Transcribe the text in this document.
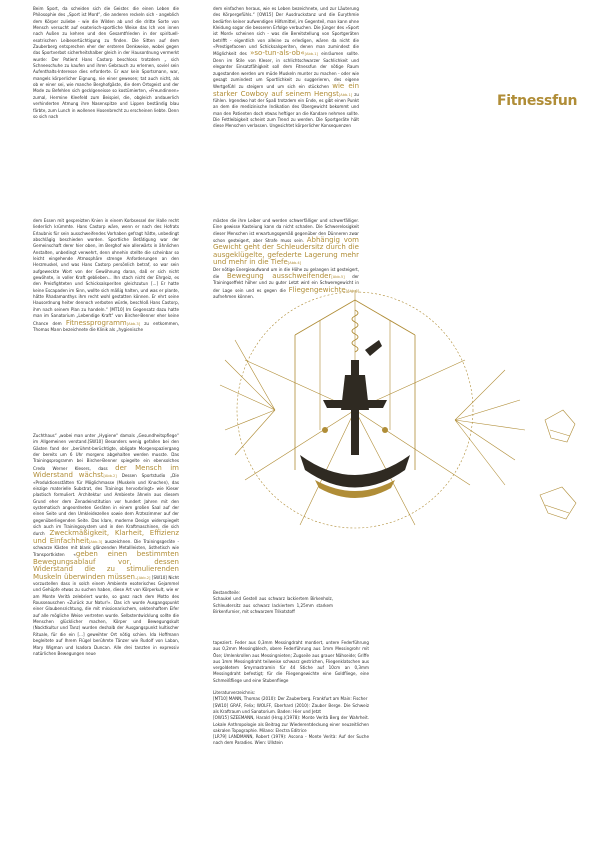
Fitnessfun

Beim Sport, da scheiden sich die Geister. die einen Leben die Philosophie des „Sport ist Mord“, die anderen reckeln sich - angeblich dem Körper zuliebe - wie die Wilden ab und die dritte Sorte von Mensch versucht auf esoterisch-sportliche Weise das Ich von innen nach Außen zu kehren und den Gesamtfrieden in der spirituell-esotrischen Leibesertüchtigung zu finden. Die Sitten auf dem Zauberberg entsprechen eher der ersteren Denkweise, wobei gegen das Sportverbot sicherheitshalber gleich in der Hausordnung vermerkt wurde: Der Patient Hans Castorp beschloss trotzdem „ sich Schneeschuhe zu kaufen und ihren Gebrauch zu erlernen, soviel sein Aufenthalts-Interesse dies erforderte. Er war kein Sportsmann, war, mangels körperlicher Eignung, nie einer gewesen; tat auch nicht, als ob er einer sei, wie manche Berghofgäste, die dem Ortsgeist und der Mode zu Befehlen sich gecklgeneisse so kostümierten, «Freundinnen» zumal, Hermine Kleefeld zum Beispiel, die, obgleich andauerlich verhinderten Atmung ihre Nasenspitze und Lippen beständig blau färbte, zum Lunch in wollenen Hosenbrecht zu erscheinen liebte. Denn so sich nach

dem einfachen heraus, wie es Leben bezeichnete, und zur Läuterung des Körpergefühls.“ [OW15] Der Ausdruckstanz und die Eurythmie bedürfen keiner aufwendigen Hilfsmittel, im Gegenteil, man kann ohne Kleidung sogar die besseren Erfolge verbuchen. Die Jünger des »Sport ist Mord« scheinen sich - was die Bereitstellung von Sportgeräten betrifft - eigentlich von alleine zu erledigen, wären da nicht die «Prestigefaceen und Schicksalsperiten, denen man zumindest die Möglichkeit des »so-tun-als-ob«[Abb.1] einräumen sollte. Denn im Stile von Kleser, in schlichtschwarzer Sachlichkeit und eleganter Einsatzfähigkeit soll dem Fitnessfun der nötige Raum zugestanden werden um müde Muskeln munter zu machen - oder wie gesagt zumindest um Sportlichkeit zu suggerieren, des eigene Wertgefühl zu steigern und um sich ein stückchen wie ein starker Cowboy auf seinem Hengst[Abb.1] zu fühlen. Irgendwo hat der Spaß trotzdem ein Ende, es gibt einen Punkt an dem die medizinische Indikation des Übergewicht bekommt und man den Patienten doch etwas heftiger an die Kandare nehmen sollte. Die Fettleibigkeit scheint zum Trend zu werden. Die Sportgeräte hält diese Menschen verlassen. Ungesichtet körperlicher Konsequenzen

dem Essen mit gespreizten Knien in einem Korbsessel der Halle recht liederlich krümmte. Hans Castorp wäre, wenn er nach des Hofrats Erlaubnis für sein ausschweifendes Vorhaben gefragt hätte, unbedingt abschlägig beschieden worden. Sportliche Betätigung war der Gemeinschaft derer hier oben, im Berghof wie allerwärts in ähnlichen Anstalten, unbedingt verwehrt, denn ohnehin stellte die scheinbar so leicht eingehende Atmosphäre strenge Anforderungen an den Herzmuskel, und was Hans Castorp persönlich betraf, so war sein aufgeweckte Wort von der Gewöhnung daran, daß er sich nicht gewöhnte, in voller Kraft geblieben... Ihn stach nicht der Ehrgeiz, es den Preisfighteten und Schicksalsperiten gleichzutun [...] Er hatte keine Escapaden im Sinn, wollte sich mäßig halten, und was er plante, hätte Rhadamanthys ihm recht wohl gestatten können. Er ehrt seine Hausordnung heiter dennoch verboten würde, beschloß Hans Castorp, ihm nach seinem Plan zu handeln.“ [MT10] Im Gegensatz dazu hatte man im Sanatorium „Lebendige Kraft“ von Bircher-Benner eher keine Chance dem Fitnessprogramm[Abb.3] zu entkommen, Thomas Mann bezeichnete die Klinik als „hygienische

mästen die ihre Leiber und werden schwerfälliger und schwerfälliger. Eine gewisse Kasteiung kann da nicht schaden. Die Schwerelosigkeit dieser Menschen ist erwartungsgemäß gegenüber den Dünneren zwar schon gesteigert, aber Strafe muss sein. Abhängig vom Gewicht geht der Schleudersitz durch die ausgeklügelte, gefederte Lagerung mehr und mehr in die Tiefe[Abb.4]

Der nötige Energieaufwand um in die Höhe zu gelangen ist gesteigert, die Bewegung ausschweifender[Abb.5] der Trainingseffekt höher und zu guter Letzt wird ein Schweregewicht in der Lage sein und es gegen die Fliegengewichte[Abb.6] aufnehmen können.

Zuchthaus“ „wobei man unter „Hygiene“ damals „Gesundheitspflege“ im Allgemeinen verstand.[SW10] Besonders wenig gefallen bei den Gästen fand der „berühmt-berüchtigte, obligate Morgenspaziergang der bereits um 6 Uhr morgens abgehalten werden musste. Das Trainingsprogramm bei Bircher-Benner spiegelte ein ebensolches Credo Werner Klesers, dass der Mensch im Widerstand wächst[Abb.2] Dessen Sportstudio „Die «Produktionsstätten für Möglichmasse (Muskeln und Knochen), das einzige materielle Substrat, des Trainings hervorbringt» wie Kieser plastisch formuliert. Architektur und Ambiente ähneln aus diesem Grund eher dem Zenadeinstitution vor hundert Jahren mit den systematisch angeordneten Geräten in einem großen Saal auf der einen Seite und den Umkleidezellen sowie dem Ärztezimmer auf der gegenüberliegenden Seite. Das klare, moderne Design widerspiegelt sich auch im Trainingssystem und in den Kraftmaschinen, die sich durch Zweckmäßigkeit, Klarheit, Effizienz und Einfachheit[Abb.3] auszeichnen. Die Trainingsgeräte - schwarze Kästen mit blank glänzenden Metallleisten, ästhetisch wie Transportkisten «geben einen bestimmten Bewegungsablauf vor, dessen Widerstand die zu stimulierenden Muskeln überwinden müssen.[Abb.2] [SW10] Nicht vorzustellen dass in solch einem Ambiente esoterisches Gejammel und Gehüpfe etwas zu suchen haben, diese Art von Körperkult, wie er am Monte Verità zelebriert wurde, so ganz nach dem Motto des Rousseauschen «Zurück zur Natur!». Das ich wurde Ausgangspunkt einer Glaubensrichtung, die mit missionarischem, sektenhaftem Eifer auf alle mögliche Weise vertreten wurde. Selbstentwicklung sollte die Menschen glücklicher machen, Körper und Bewegungskult (Nacktkultur und Tanz) wurden deshalb der Ausgangspunkt kultischer Rituale, für die ein [...] geweihter Ort nötig schien. Ida Hoffmann begleitete auf Ihrem Flügel berühmte Tänzer wie Rudolf von Laban, Mary Wigman und Isadora Duncan. Alle drei tanzten in expressiv natürlichen Bewegungen neue

Bestandteile:

Schaukel und Gestell aus schwarz lackiertem Birkenholz, Schleudersitz aus schwarz lackiertem 1,25mm starkem Birkenfurnier, mit schwarzem Trikotstoff

tapeziert. Feder aus 0,3mm Messingdraht montiert, untere Federführung aus 0,2mm Messingblech, obere Federführung aus 1mm Messingrohr mit Öse; Umlenkrollen aus Messingnieten; Zugseile aus grauer Nähseide; Griffe aus 1mm Messingdraht teilweise schwarz gestrichen, Fliegenklatschen aus vergoldetem Smyrnastramin für 44 Stiche auf 10cm an 0,3mm Messingdraht befestigt; für die Fliegengewichte eine Goldfliege, eine Schmeißfliege und eine Stubenfliege

Literaturverzeichnis:

[MT10] MANN, Thomas (2010): Der Zauberberg. Frankfurt am Main: Fischer

[SW10] GRAF, Felix; WOLFF, Eberhard (2010): Zauber Berge. Die Schweiz als Kraftraum und Sanatorium. Baden: Hier und Jetzt

[OW15] SZEEMANN, Harald (Hrsg.)(1978): Monte Verità Berg der Wahrheit. Lokale Anthropologie als Beitrag zur Wiederentdeckung einer neuzeitlichen sakralen Topographie. Milano: Electra Editrice

[LR79] LANDMANN, Robert (1979): Ascona - Monte Verità: Auf der Suche nach dem Paradies. Wien: Ullstein
